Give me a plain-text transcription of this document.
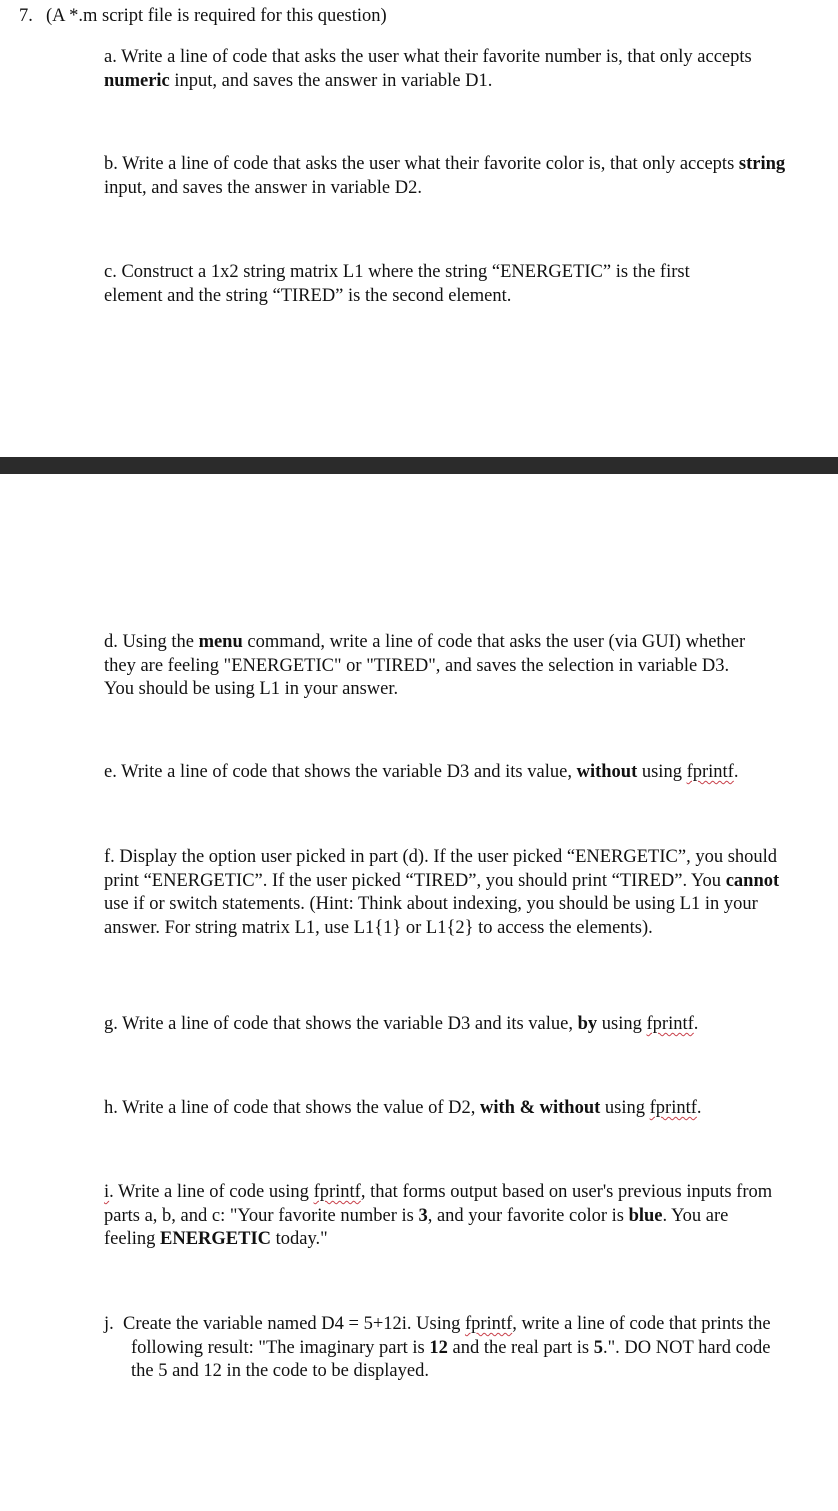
7. (A *.m script file is required for this question)
a. Write a line of code that asks the user what their favorite number is, that only accepts numeric input, and saves the answer in variable D1.
b. Write a line of code that asks the user what their favorite color is, that only accepts string input, and saves the answer in variable D2.
c. Construct a 1x2 string matrix L1 where the string “ENERGETIC” is the first element and the string “TIRED” is the second element.
d. Using the menu command, write a line of code that asks the user (via GUI) whether they are feeling "ENERGETIC" or "TIRED", and saves the selection in variable D3. You should be using L1 in your answer.
e. Write a line of code that shows the variable D3 and its value, without using fprintf.
f. Display the option user picked in part (d). If the user picked “ENERGETIC”, you should print “ENERGETIC”. If the user picked “TIRED”, you should print “TIRED”. You cannot use if or switch statements. (Hint: Think about indexing, you should be using L1 in your answer. For string matrix L1, use L1{1} or L1{2} to access the elements).
g. Write a line of code that shows the variable D3 and its value, by using fprintf.
h. Write a line of code that shows the value of D2, with & without using fprintf.
i. Write a line of code using fprintf, that forms output based on user's previous inputs from parts a, b, and c: "Your favorite number is 3, and your favorite color is blue. You are feeling ENERGETIC today."
j.  Create the variable named D4 = 5+12i. Using fprintf, write a line of code that prints the following result: "The imaginary part is 12 and the real part is 5.". DO NOT hard code the 5 and 12 in the code to be displayed.
